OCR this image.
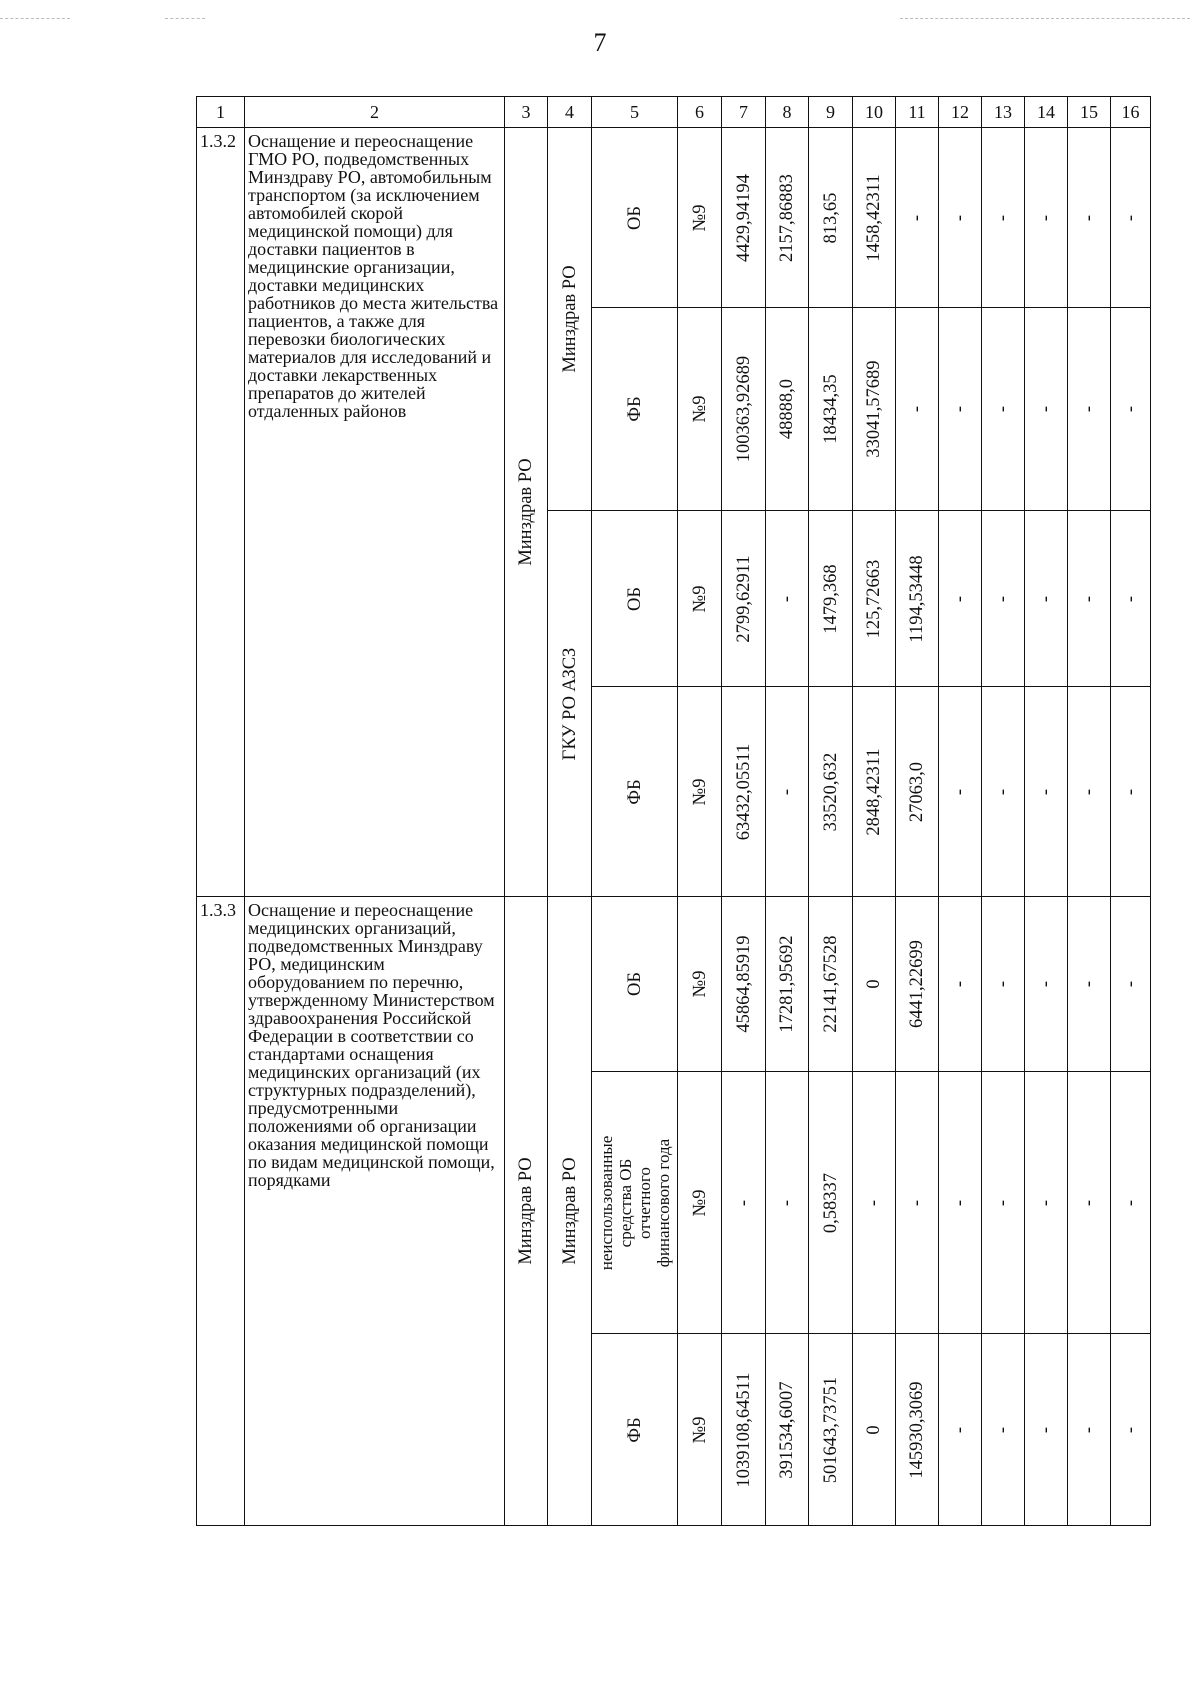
7
1	2	3	4	5	6	7	8	9	10	11	12	13	14	15	16
1.3.2	Оснащение и переоснащение ГМО РО, подведомственных Минздраву РО, автомобильным транспортом (за исключением автомобилей скорой медицинской помощи) для доставки пациентов в медицинские организации, доставки медицинских работников до места жительства пациентов, а также для перевозки биологических материалов для исследований и доставки лекарственных препаратов до жителей отдаленных районов	Минздрав РО	Минздрав РО	ОБ	№9	4429,94194	2157,86883	813,65	1458,42311	-	-	-	-	-	-

				ФБ	№9	100363,92689	48888,0	18434,35	33041,57689	-	-	-	-	-	-

			ГКУ РО АЗСЗ	ОБ	№9	2799,62911	-	1479,368	125,72663	1194,53448	-	-	-	-	-

				ФБ	№9	63432,05511	-	33520,632	2848,42311	27063,0	-	-	-	-	-

1.3.3	Оснащение и переоснащение медицинских организаций, подведомственных Минздраву РО, медицинским оборудованием по перечню, утвержденному Министерством здравоохранения Российской Федерации в соответствии со стандартами оснащения медицинских организаций (их структурных подразделений), предусмотренными положениями об организации оказания медицинской помощи по видам медицинской помощи, порядками	Минздрав РО	Минздрав РО	ОБ	№9	45864,85919	17281,95692	22141,67528	0	6441,22699	-	-	-	-	-

				неиспользованные средства ОБ отчетного финансового года	№9	-	-	0,58337	-	-	-	-	-	-	-

				ФБ	№9	1039108,64511	391534,6007	501643,73751	0	145930,3069	-	-	-	-	-
